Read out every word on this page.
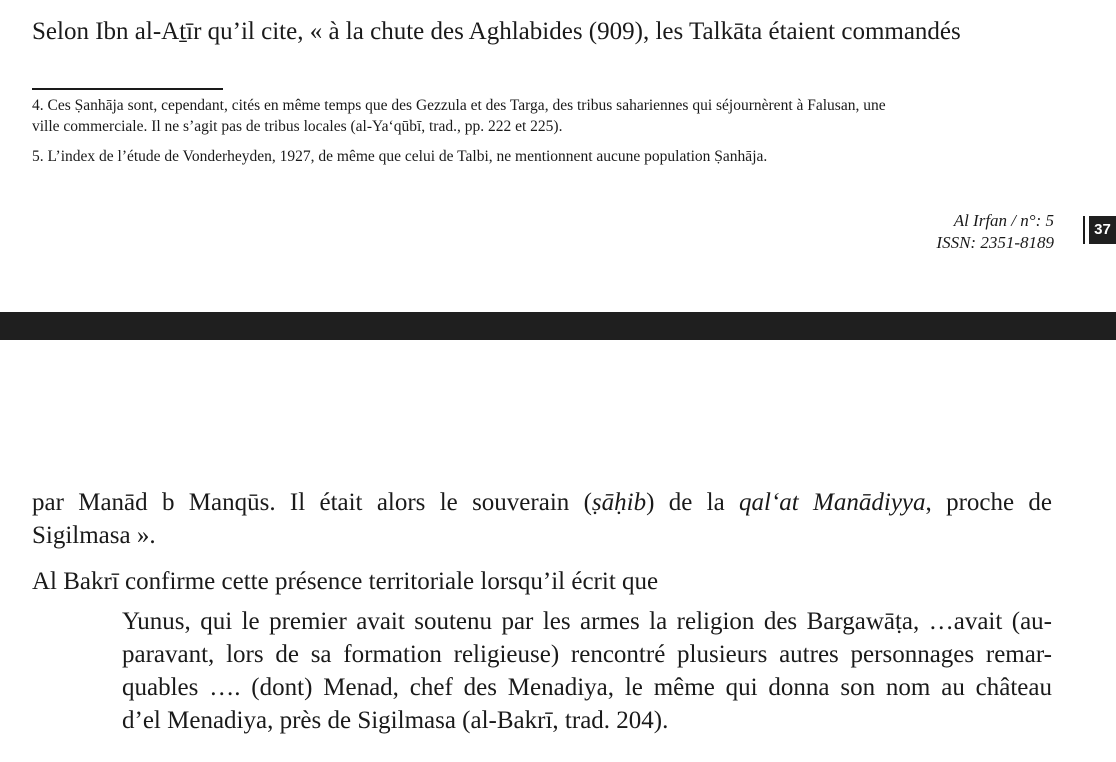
Selon Ibn al-Aṯīr qu’il cite, « à la chute des Aghlabides (909), les Talkāta étaient commandés
4. Ces Ṣanhāja sont, cependant, cités en même temps que des Gezzula et des Targa, des tribus sahariennes qui séjournèrent à Falusan, une
ville commerciale. Il ne s’agit pas de tribus locales (al-Ya‘qūbī, trad., pp. 222 et 225).
5. L’index de l’étude de Vonderheyden, 1927, de même que celui de Talbi, ne mentionnent aucune population Ṣanhāja.
Al Irfan / n°: 5
ISSN: 2351-8189
37
par Manād b Manqūs. Il était alors le souverain (ṣāḥib) de la qal‘at Manādiyya, proche de
Sigilmasa ».
Al Bakrī confirme cette présence territoriale lorsqu’il écrit que
Yunus, qui le premier avait soutenu par les armes la religion des Bargawāṭa, …avait (au-
paravant, lors de sa formation religieuse) rencontré plusieurs autres personnages remar-
quables …. (dont) Menad, chef des Menadiya, le même qui donna son nom au château
d’el Menadiya, près de Sigilmasa (al-Bakrī, trad. 204).
